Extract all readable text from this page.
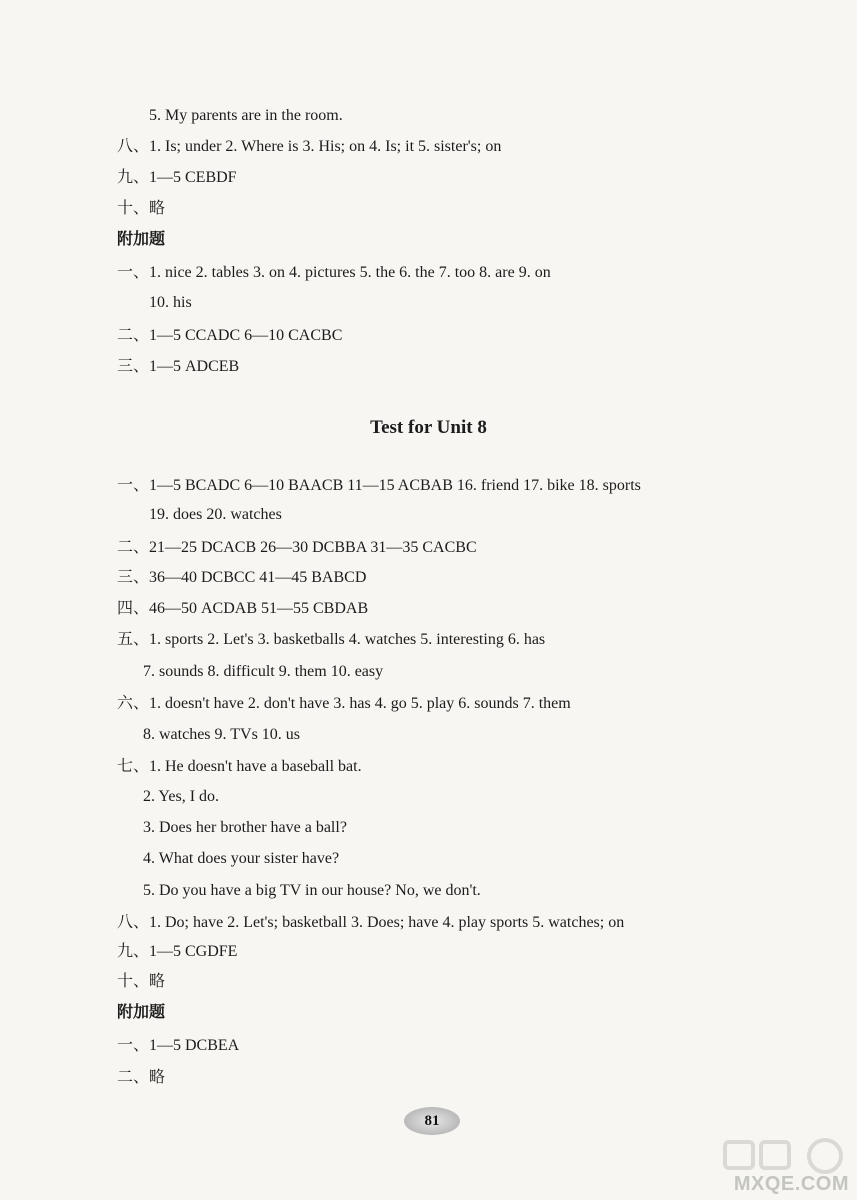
5. My parents are in the room.
八、1. Is; under 2. Where is 3. His; on 4. Is; it 5. sister's; on
九、1—5 CEBDF
十、略
附加题
一、1. nice 2. tables 3. on 4. pictures 5. the 6. the 7. too 8. are 9. on
10. his
二、1—5 CCADC 6—10 CACBC
三、1—5 ADCEB
Test for Unit 8
一、1—5 BCADC 6—10 BAACB 11—15 ACBAB 16. friend 17. bike 18. sports
19. does 20. watches
二、21—25 DCACB 26—30 DCBBA 31—35 CACBC
三、36—40 DCBCC 41—45 BABCD
四、46—50 ACDAB 51—55 CBDAB
五、1. sports 2. Let's 3. basketballs 4. watches 5. interesting 6. has
7. sounds 8. difficult 9. them 10. easy
六、1. doesn't have 2. don't have 3. has 4. go 5. play 6. sounds 7. them
8. watches 9. TVs 10. us
七、1. He doesn't have a baseball bat.
2. Yes, I do.
3. Does her brother have a ball?
4. What does your sister have?
5. Do you have a big TV in our house? No, we don't.
八、1. Do; have 2. Let's; basketball 3. Does; have 4. play sports 5. watches; on
九、1—5 CGDFE
十、略
附加题
一、1—5 DCBEA
二、略
81
MXQE.COM
